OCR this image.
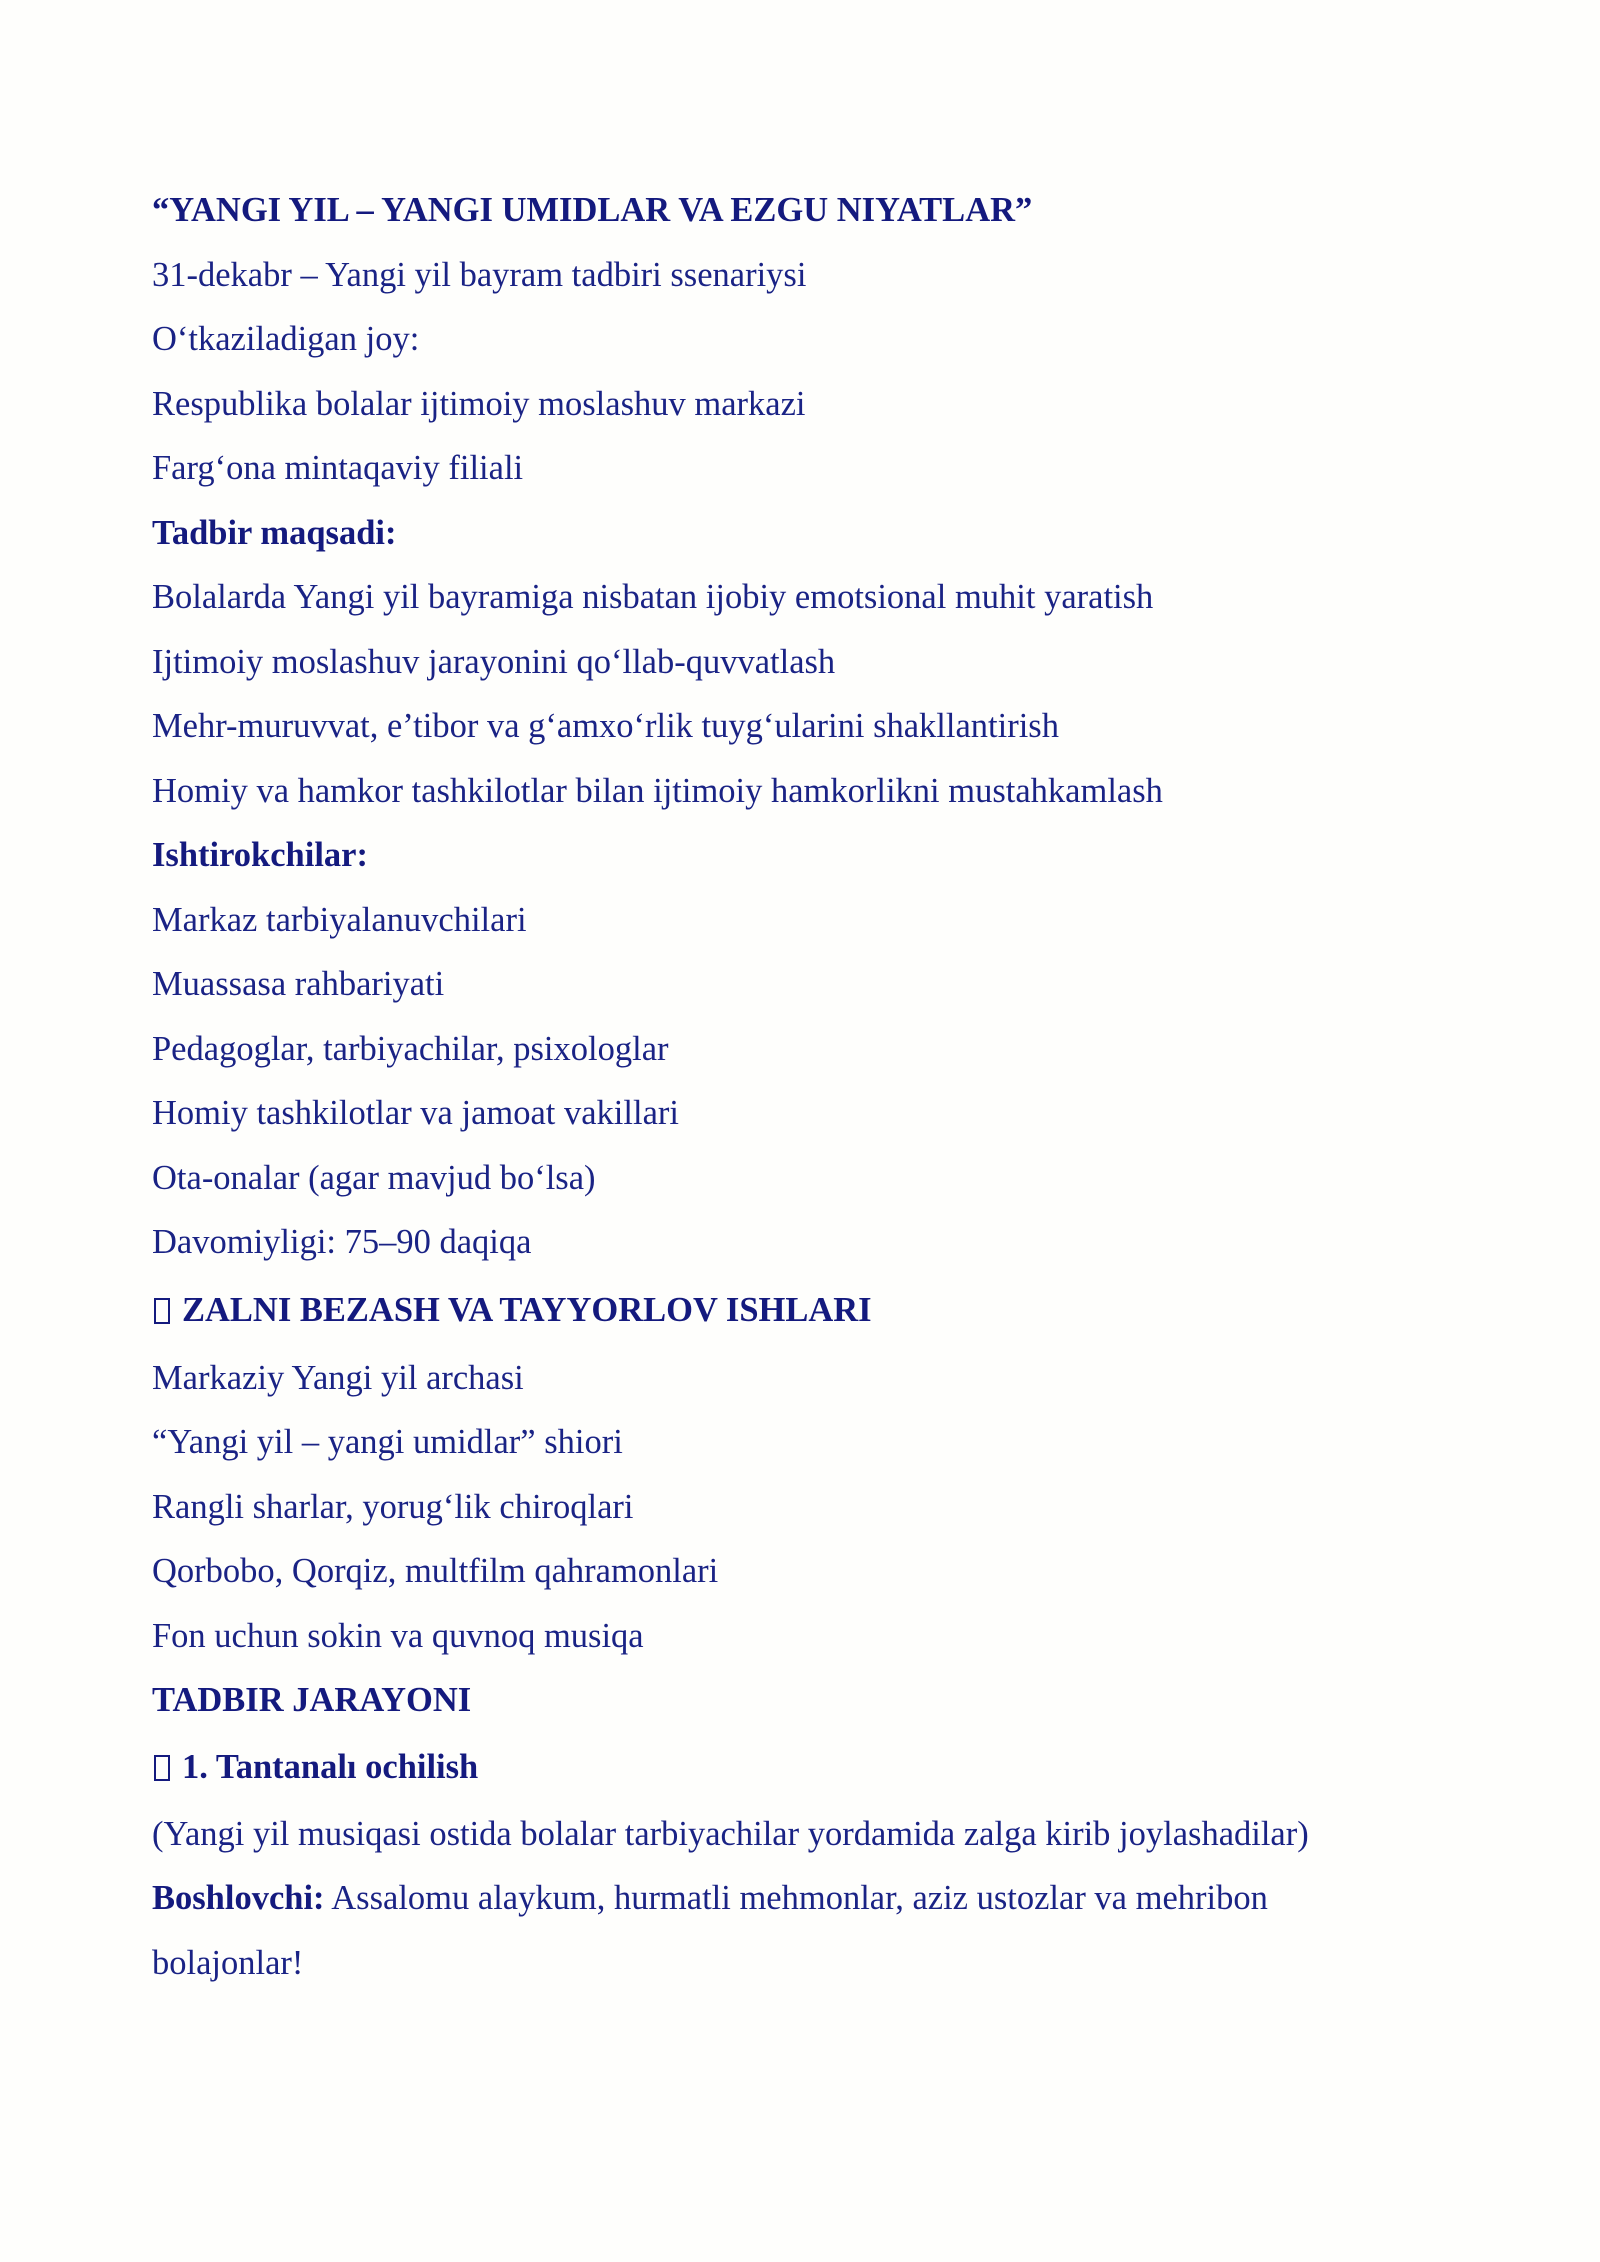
“YANGI YIL – YANGI UMIDLAR VA EZGU NIYATLAR”
31-dekabr – Yangi yil bayram tadbiri ssenariysi
O‘tkaziladigan joy:
Respublika bolalar ijtimoiy moslashuv markazi
Farg‘ona mintaqaviy filiali
Tadbir maqsadi:
Bolalarda Yangi yil bayramiga nisbatan ijobiy emotsional muhit yaratish
Ijtimoiy moslashuv jarayonini qo‘llab-quvvatlash
Mehr-muruvvat, e’tibor va g‘amxo‘rlik tuyg‘ularini shakllantirish
Homiy va hamkor tashkilotlar bilan ijtimoiy hamkorlikni mustahkamlash
Ishtirokchilar:
Markaz tarbiyalanuvchilari
Muassasa rahbariyati
Pedagoglar, tarbiyachilar, psixologlar
Homiy tashkilotlar va jamoat vakillari
Ota-onalar (agar mavjud bo‘lsa)
Davomiyligi: 75–90 daqiqa
ZALNI BEZASH VA TAYYORLOV ISHLARI
Markaziy Yangi yil archasi
“Yangi yil – yangi umidlar” shiori
Rangli sharlar, yorug‘lik chiroqlari
Qorbobo, Qorqiz, multfilm qahramonlari
Fon uchun sokin va quvnoq musiqa
TADBIR JARAYONI
1. Tantanalı ochilish
(Yangi yil musiqasi ostida bolalar tarbiyachilar yordamida zalga kirib joylashadilar)
Boshlovchi: Assalomu alaykum, hurmatli mehmonlar, aziz ustozlar va mehribon bolajonlar!
